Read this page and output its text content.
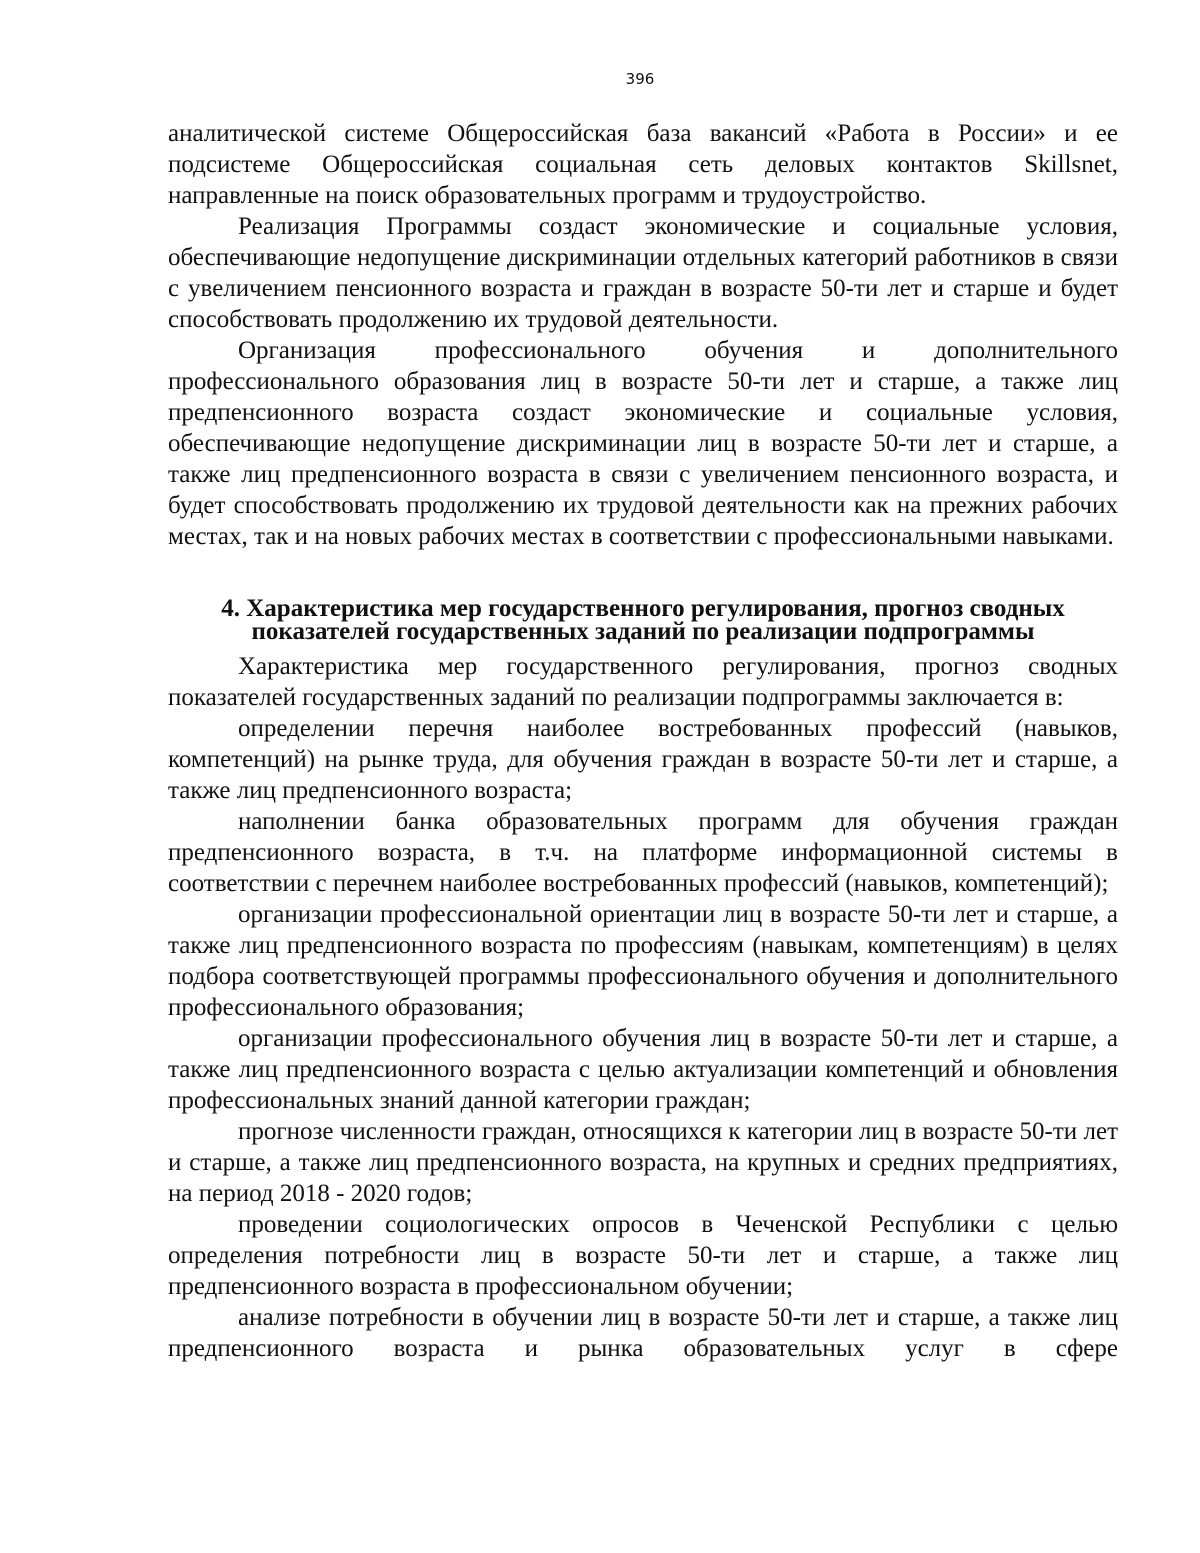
396

аналитической системе Общероссийская база вакансий «Работа в России» и ее подсистеме Общероссийская социальная сеть деловых контактов Skillsnet, направленные на поиск образовательных программ и трудоустройство.

Реализация Программы создаст экономические и социальные условия, обеспечивающие недопущение дискриминации отдельных категорий работников в связи с увеличением пенсионного возраста и граждан в возрасте 50-ти лет и старше и будет способствовать продолжению их трудовой деятельности.

Организация профессионального обучения и дополнительного профессионального образования лиц в возрасте 50-ти лет и старше, а также лиц предпенсионного возраста создаст экономические и социальные условия, обеспечивающие недопущение дискриминации лиц в возрасте 50-ти лет и старше, а также лиц предпенсионного возраста в связи с увеличением пенсионного возраста, и будет способствовать продолжению их трудовой деятельности как на прежних рабочих местах, так и на новых рабочих местах в соответствии с профессиональными навыками.

4. Характеристика мер государственного регулирования, прогноз сводных
показателей государственных заданий по реализации подпрограммы

Характеристика мер государственного регулирования, прогноз сводных показателей государственных заданий по реализации подпрограммы заключается в:

определении перечня наиболее востребованных профессий (навыков, компетенций) на рынке труда, для обучения граждан в возрасте 50-ти лет и старше, а также лиц предпенсионного возраста;

наполнении банка образовательных программ для обучения граждан предпенсионного возраста, в т.ч. на платформе информационной системы в соответствии с перечнем наиболее востребованных профессий (навыков, компетенций);

организации профессиональной ориентации лиц в возрасте 50-ти лет и старше, а также лиц предпенсионного возраста по профессиям (навыкам, компетенциям) в целях подбора соответствующей программы профессионального обучения и дополнительного профессионального образования;

организации профессионального обучения лиц в возрасте 50-ти лет и старше, а также лиц предпенсионного возраста с целью актуализации компетенций и обновления профессиональных знаний данной категории граждан;

прогнозе численности граждан, относящихся к категории лиц в возрасте 50-ти лет и старше, а также лиц предпенсионного возраста, на крупных и средних предприятиях, на период 2018 - 2020 годов;

проведении социологических опросов в Чеченской Республики с целью определения потребности лиц в возрасте 50-ти лет и старше, а также лиц предпенсионного возраста в профессиональном обучении;

анализе потребности в обучении лиц в возрасте 50-ти лет и старше, а также лиц предпенсионного возраста и рынка образовательных услуг в сфере
